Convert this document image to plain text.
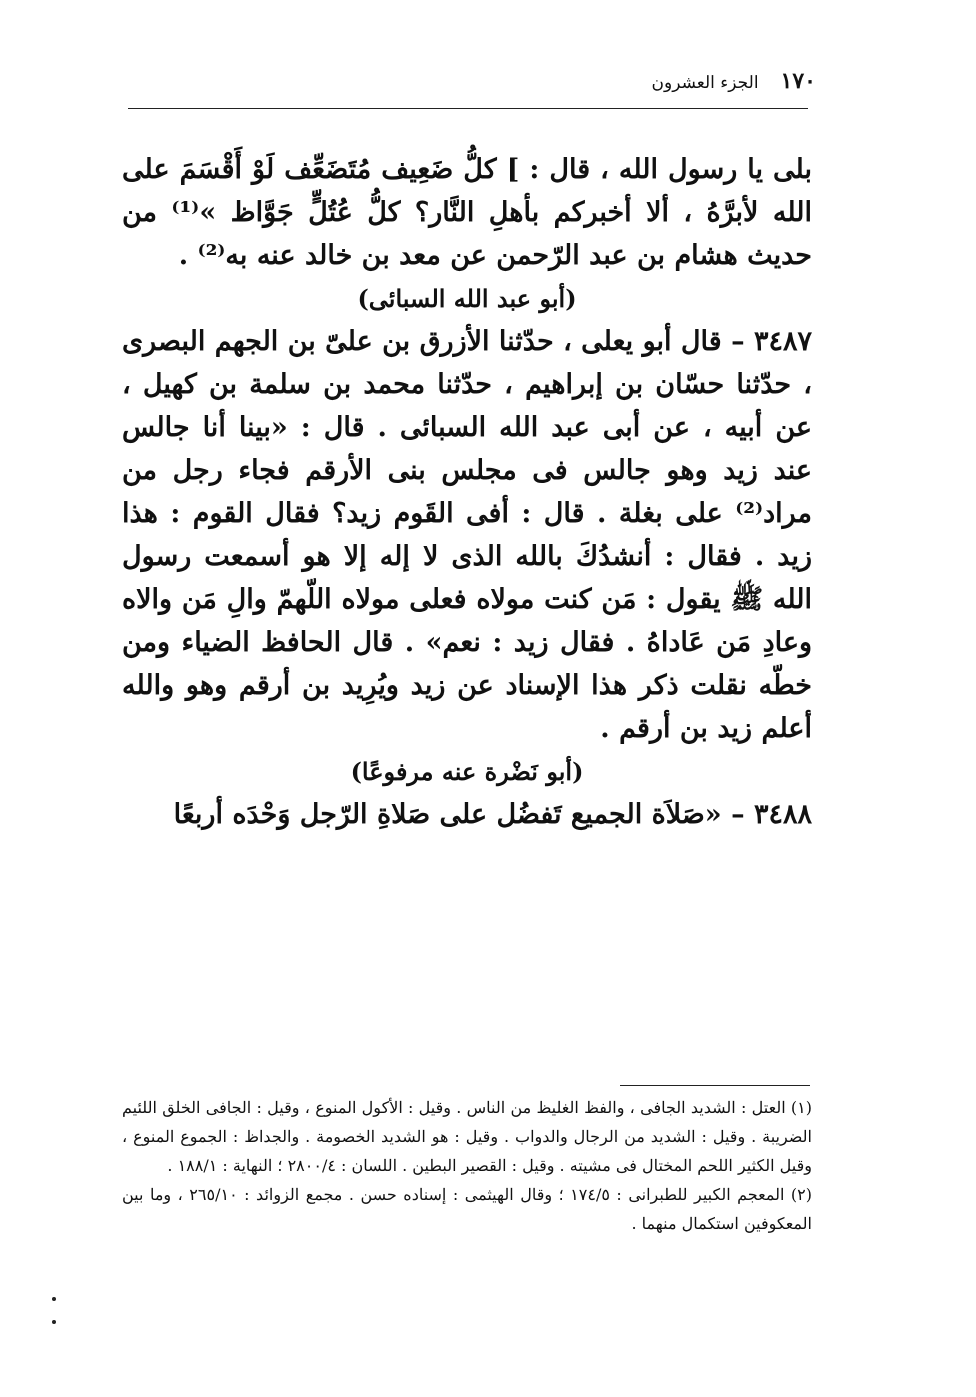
١٧٠
الجزء العشرون

بلى يا رسول الله ، قال : ] كلُّ ضَعِيف مُتَضَعِّف لَوْ أَقْسَمَ على الله لأبرَّهُ ، ألا أخبركم بأهلِ النَّار؟ كلُّ عُتُلٍّ جَوَّاظ »⁽¹⁾ من حديث هشام بن عبد الرّحمن عن معد بن خالد عنه به⁽²⁾ .

(أبو عبد الله السبائى)

٣٤٨٧ – قال أبو يعلى ، حدّثنا الأزرق بن علىّ بن الجهم البصرى ، حدّثنا حسّان بن إبراهيم ، حدّثنا محمد بن سلمة بن كهيل ، عن أبيه ، عن أبى عبد الله السبائى . قال : «بينا أنا جالس عند زيد وهو جالس فى مجلس بنى الأرقم فجاء رجل من مراد⁽²⁾ على بغلة . قال : أفى القَوم زيد؟ فقال القوم : هذا زيد . فقال : أنشدُكَ بالله الذى لا إله إلا هو أسمعت رسول الله ﷺ يقول : مَن كنت مولاه فعلى مولاه اللّهمّ والِ مَن والاه وعادِ مَن عَاداهُ . فقال زيد : نعم» . قال الحافظ الضياء ومن خطّه نقلت ذكر هذا الإسناد عن زيد ويُرِيد بن أرقم وهو والله أعلم زيد بن أرقم .

(أبو نَضْرة عنه مرفوعًا)

٣٤٨٨ – «صَلاَة الجميع تَفضُل على صَلاةِ الرّجل وَحْدَه أربعًا

(١) العتل : الشديد الجافى ، والفظ الغليظ من الناس . وقيل : الأكول المنوع ، وقيل : الجافى الخلق اللئيم الضريبة . وقيل : الشديد من الرجال والدواب . وقيل : هو الشديد الخصومة . والجداظ : الجموع المنوع ، وقيل الكثير اللحم المختال فى مشيته . وقيل : القصير البطين . اللسان : ٢٨٠٠/٤ ؛ النهاية : ١٨٨/١ .

(٢) المعجم الكبير للطبرانى : ١٧٤/٥ ؛ وقال الهيثمى : إسناده حسن . مجمع الزوائد : ٢٦٥/١٠ ، وما بين المعكوفين استكمال منهما .
